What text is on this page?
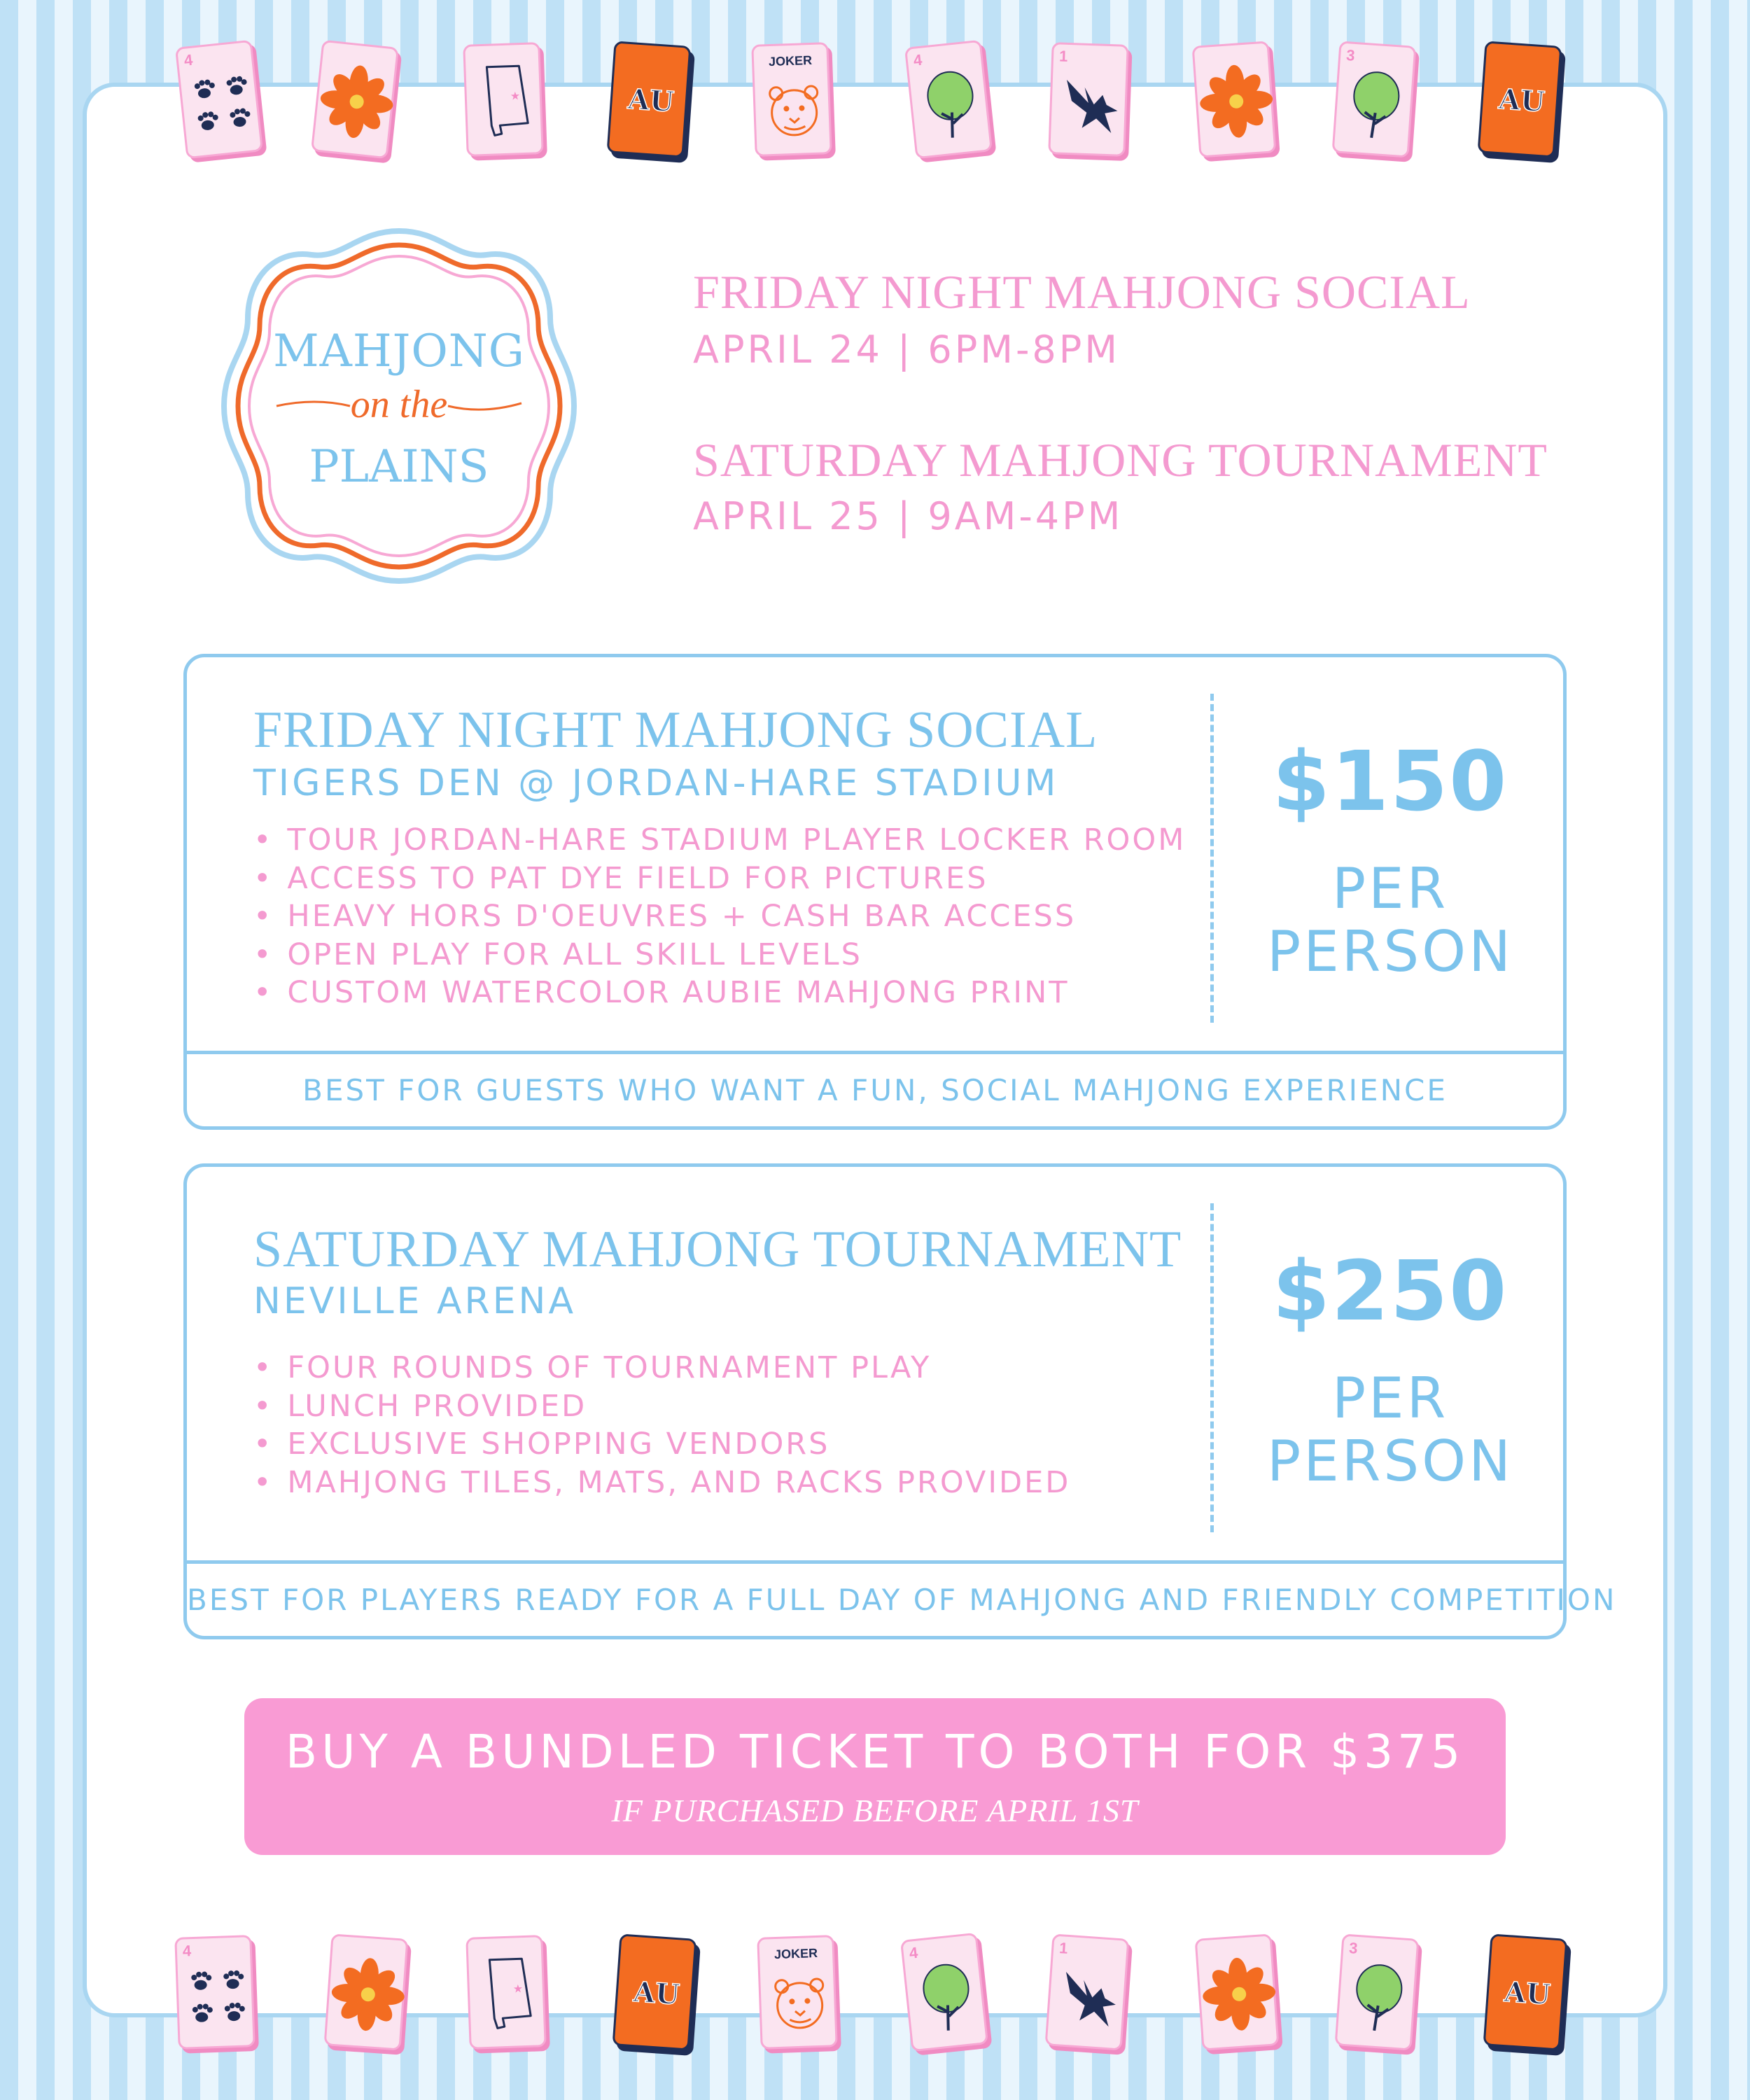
4
★	AU
JOKER	4	1	3
AU
MAHJONG
on the
PLAINS
FRIDAY NIGHT MAHJONG SOCIAL
APRIL 24 | 6PM-8PM
SATURDAY MAHJONG TOURNAMENT
APRIL 25 | 9AM-4PM
FRIDAY NIGHT MAHJONG SOCIAL
TIGERS DEN @ JORDAN-HARE STADIUM
• TOUR JORDAN-HARE STADIUM PLAYER LOCKER ROOM
• ACCESS TO PAT DYE FIELD FOR PICTURES
• HEAVY HORS D'OEUVRES + CASH BAR ACCESS
• OPEN PLAY FOR ALL SKILL LEVELS
• CUSTOM WATERCOLOR AUBIE MAHJONG PRINT
$150
PER
PERSON
BEST FOR GUESTS WHO WANT A FUN, SOCIAL MAHJONG EXPERIENCE
SATURDAY MAHJONG TOURNAMENT
NEVILLE ARENA
• FOUR ROUNDS OF TOURNAMENT PLAY
• LUNCH PROVIDED
• EXCLUSIVE SHOPPING VENDORS
• MAHJONG TILES, MATS, AND RACKS PROVIDED
$250
PER
PERSON
BEST FOR PLAYERS READY FOR A FULL DAY OF MAHJONG AND FRIENDLY COMPETITION
BUY A BUNDLED TICKET TO BOTH FOR $375
IF PURCHASED BEFORE APRIL 1ST
4
★	AU
JOKER	4	1	3
AU
